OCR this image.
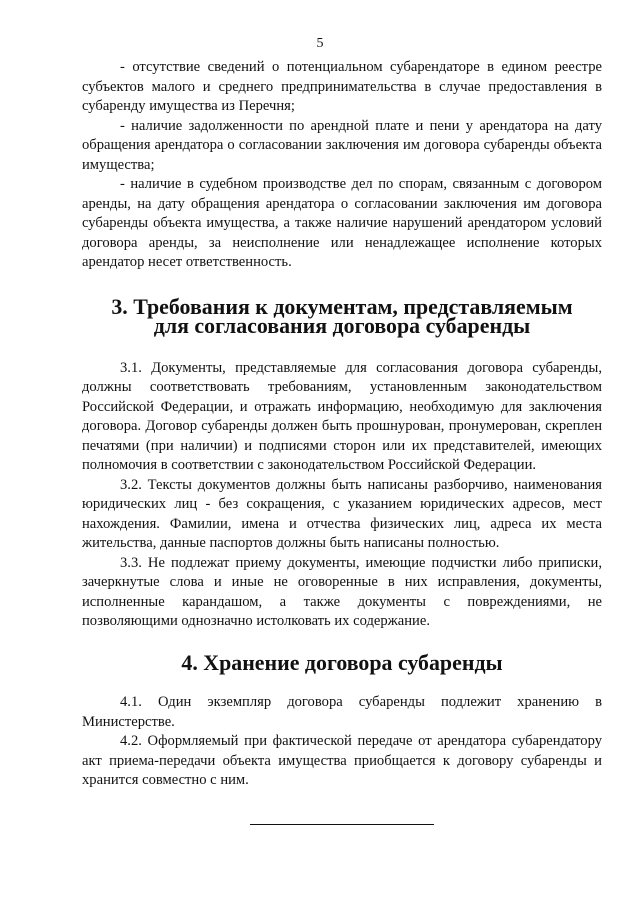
5

- отсутствие сведений о потенциальном субарендаторе в едином реестре субъектов малого и среднего предпринимательства в случае предоставления в субаренду имущества из Перечня;

- наличие задолженности по арендной плате и пени у арендатора на дату обращения арендатора о согласовании заключения им договора субаренды объекта имущества;

- наличие в судебном производстве дел по спорам, связанным с договором аренды, на дату обращения арендатора о согласовании заключения им договора субаренды объекта имущества, а также наличие нарушений арендатором условий договора аренды, за неисполнение или ненадлежащее исполнение которых арендатор несет ответственность.

3. Требования к документам, представляемым для согласования договора субаренды

3.1. Документы, представляемые для согласования договора субаренды, должны соответствовать требованиям, установленным законодательством Российской Федерации, и отражать информацию, необходимую для заключения договора. Договор субаренды должен быть прошнурован, пронумерован, скреплен печатями (при наличии) и подписями сторон или их представителей, имеющих полномочия в соответствии с законодательством Российской Федерации.

3.2. Тексты документов должны быть написаны разборчиво, наименования юридических лиц - без сокращения, с указанием юридических адресов, мест нахождения. Фамилии, имена и отчества физических лиц, адреса их места жительства, данные паспортов должны быть написаны полностью.

3.3. Не подлежат приему документы, имеющие подчистки либо приписки, зачеркнутые слова и иные не оговоренные в них исправления, документы, исполненные карандашом, а также документы с повреждениями, не позволяющими однозначно истолковать их содержание.

4. Хранение договора субаренды

4.1. Один экземпляр договора субаренды подлежит хранению в Министерстве.

4.2. Оформляемый при фактической передаче от арендатора субарендатору акт приема-передачи объекта имущества приобщается к договору субаренды и хранится совместно с ним.
